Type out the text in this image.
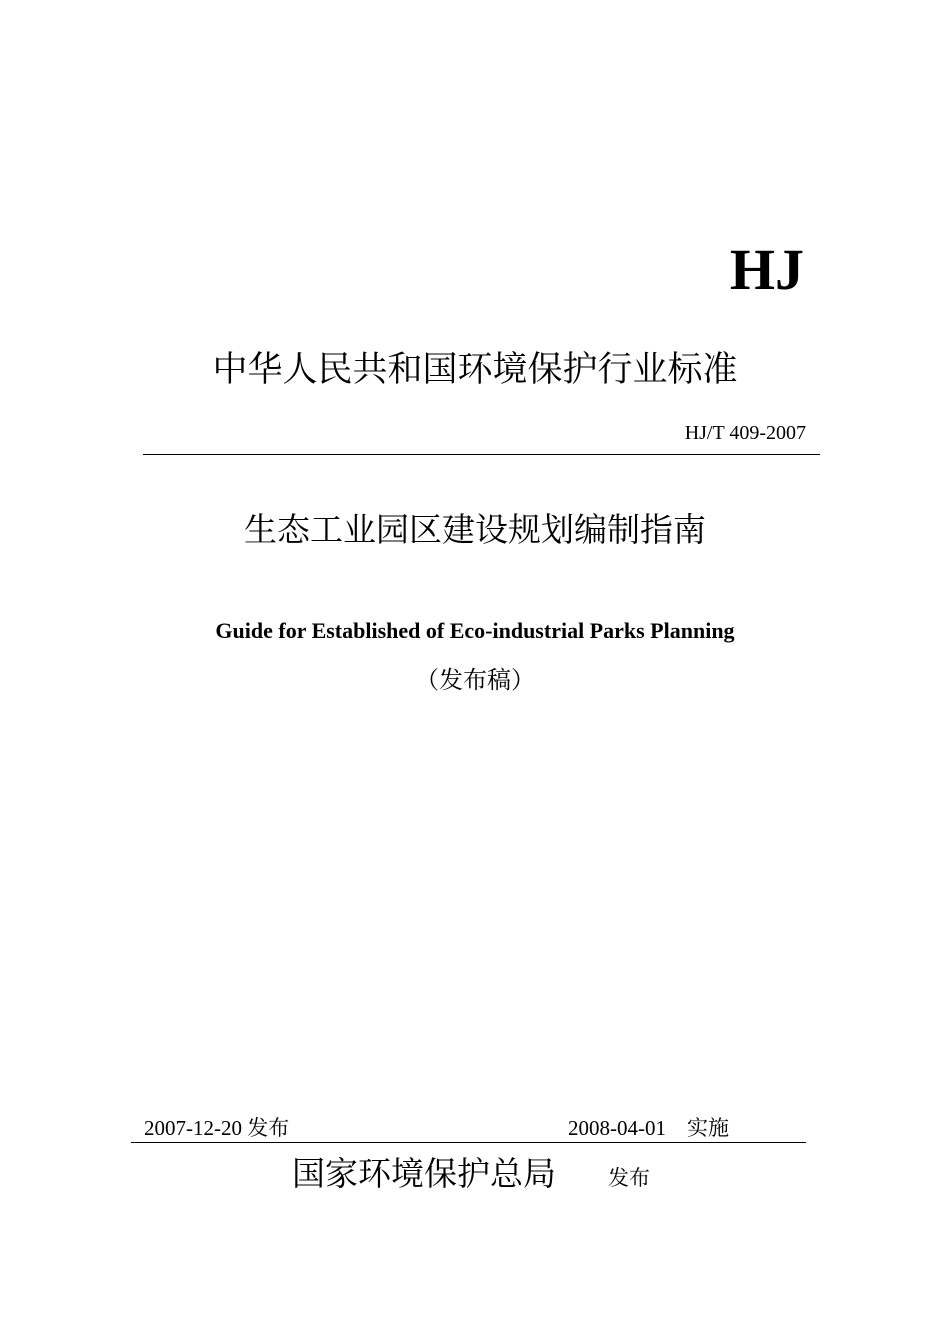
HJ
中华人民共和国环境保护行业标准
HJ/T 409-2007
生态工业园区建设规划编制指南
Guide for Established of Eco-industrial Parks Planning
（发布稿）
2007-12-20 发布	2008-04-01　实施
国家环境保护总局 发布
